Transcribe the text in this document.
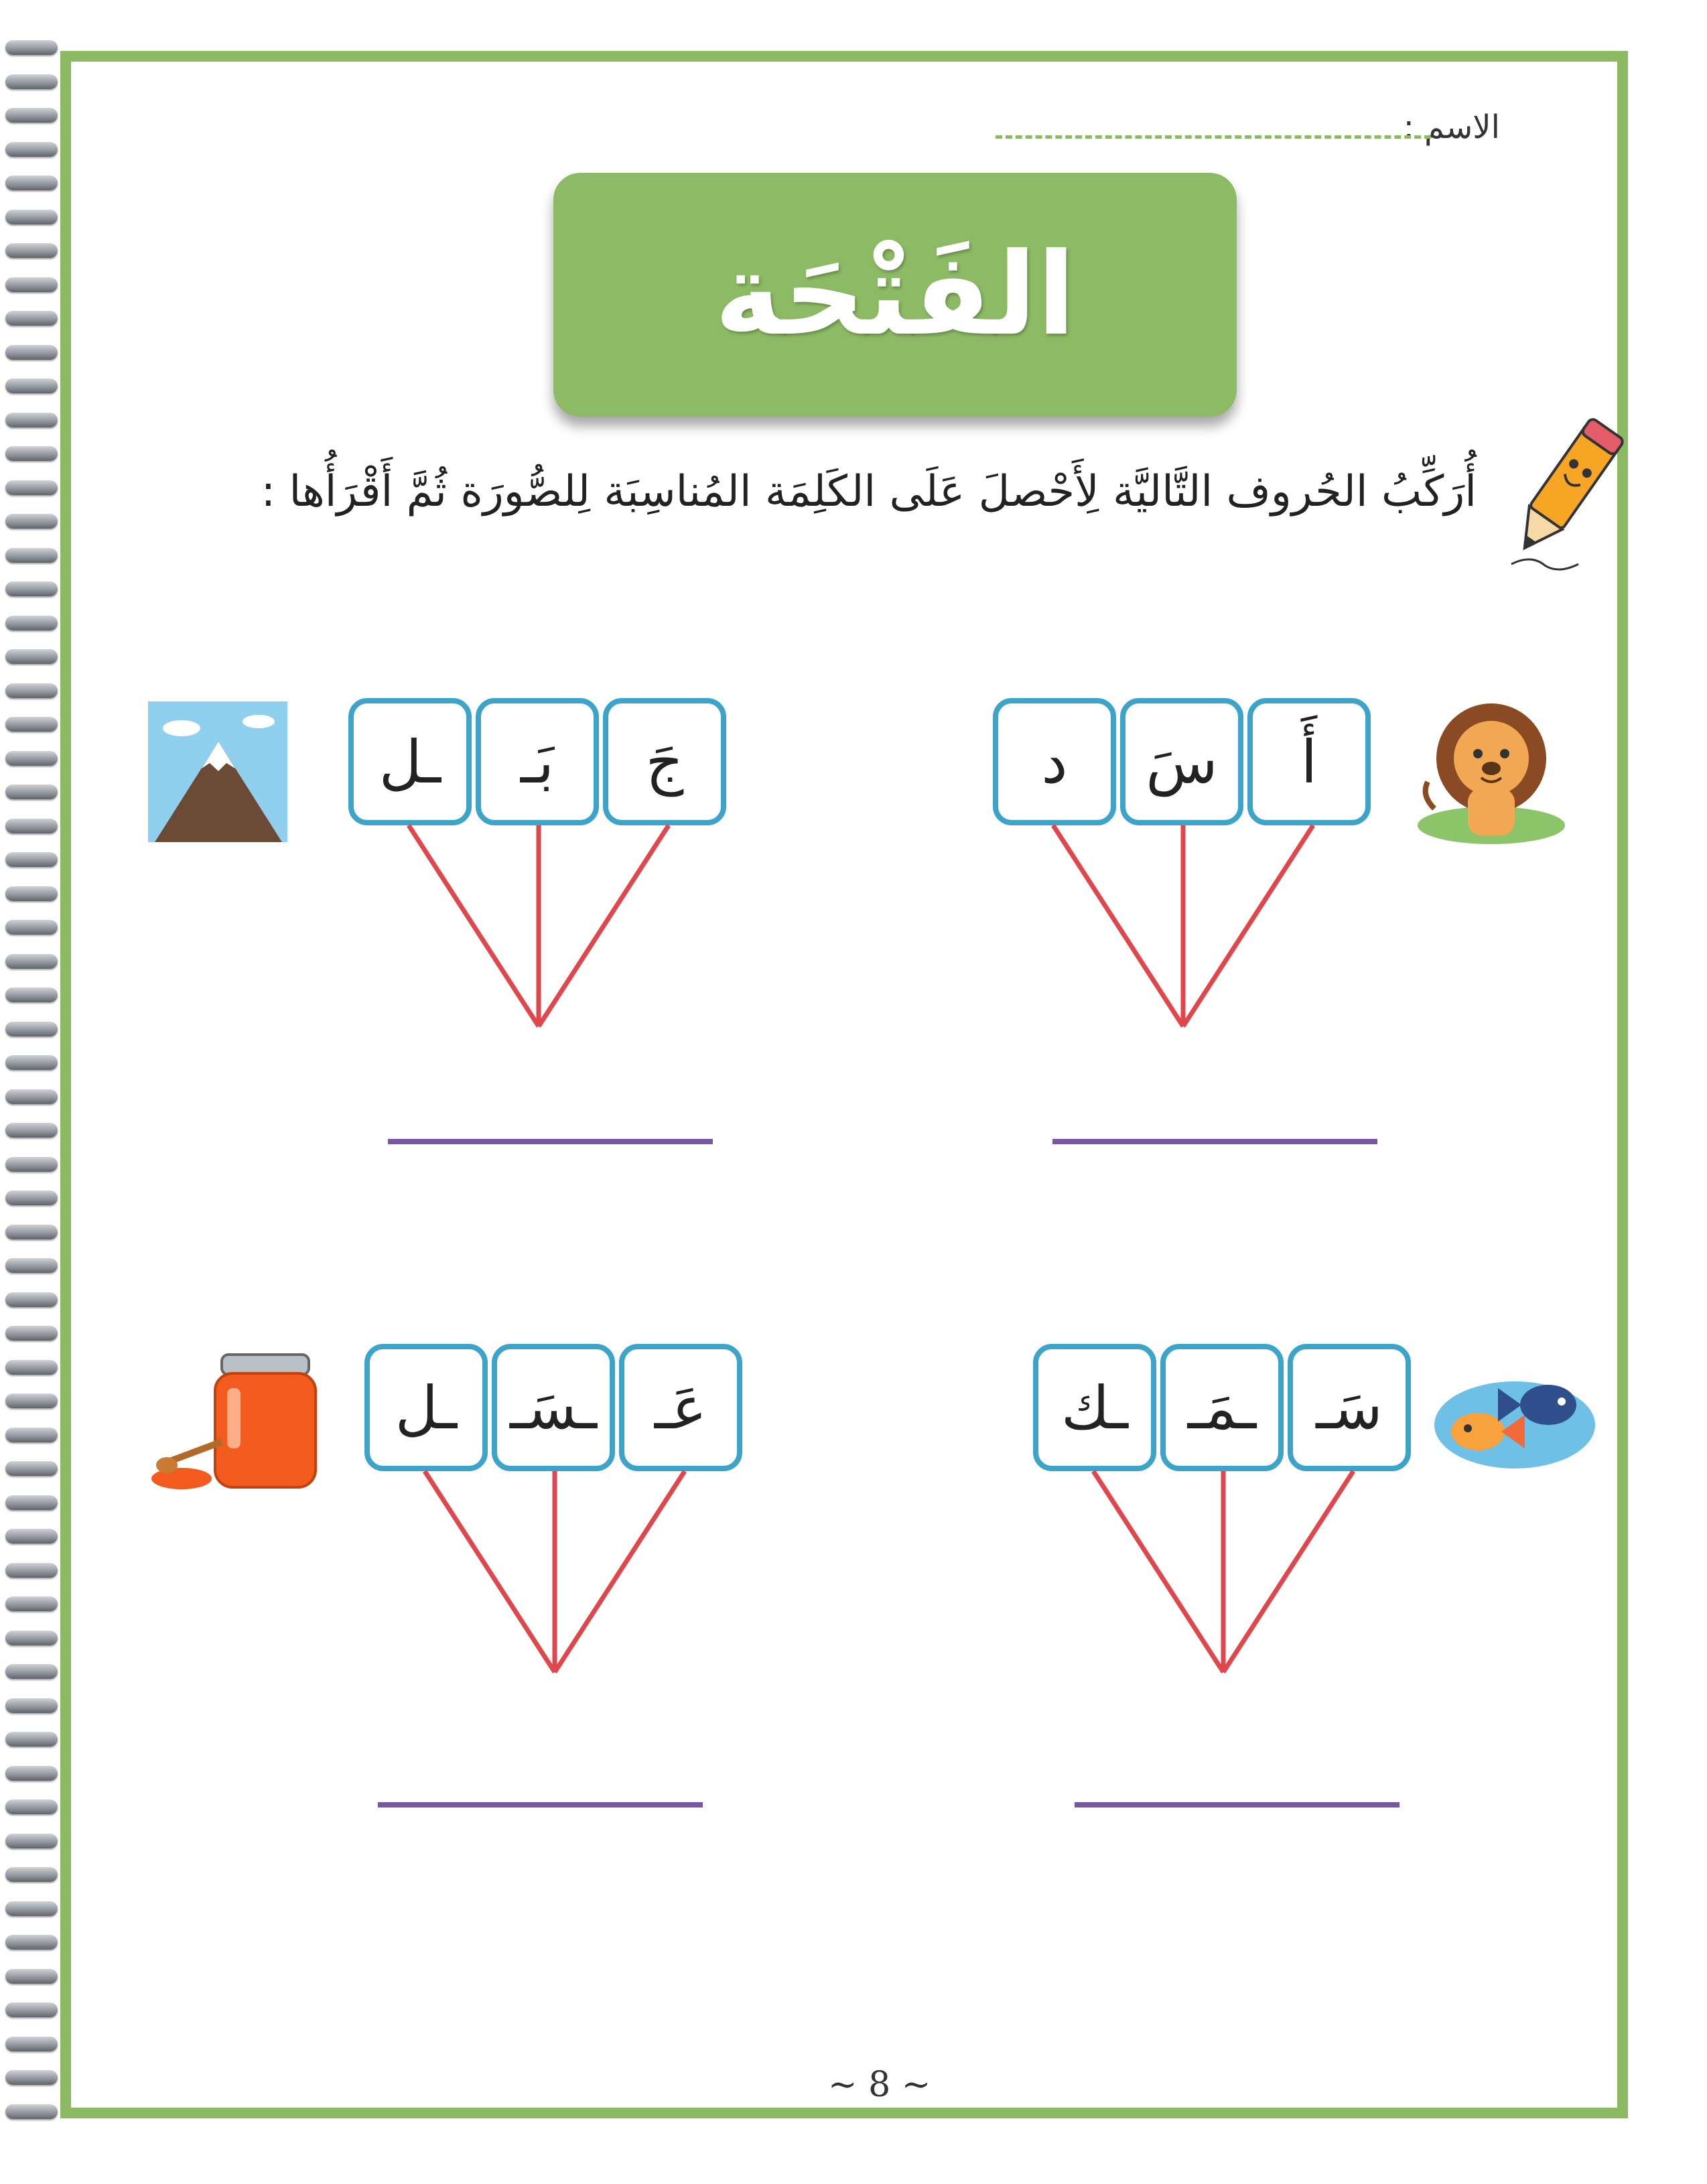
الاسم :
الفَتْحَة
أُرَكِّبُ الحُروف التَّاليَّة لِأَحْصلَ عَلَى الكَلِمَة المُناسِبَة لِلصُّورَة ثُمَّ أَقْرَأُها :
أَ
سَ
د
جَ
بَـ
ـل
سَـ
ـمَـ
ـك
عَـ
ـسَـ
ـل
~ 8 ~
